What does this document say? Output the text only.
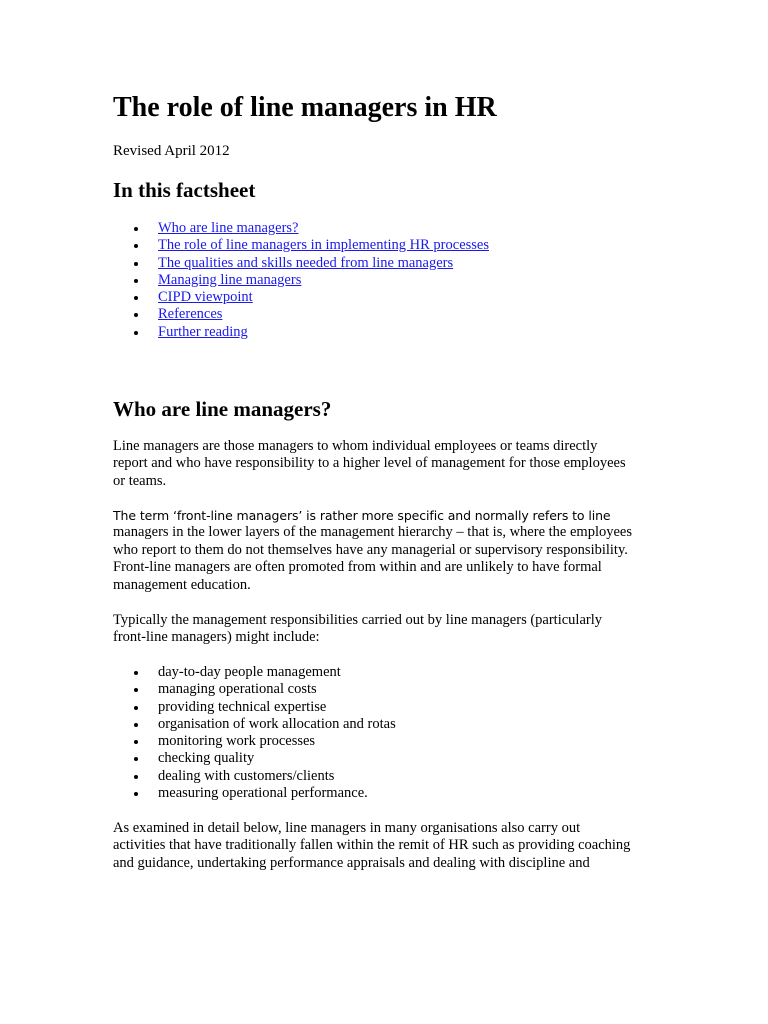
The role of line managers in HR

Revised April 2012

In this factsheet
Who are line managers?
The role of line managers in implementing HR processes
The qualities and skills needed from line managers
Managing line managers
CIPD viewpoint
References
Further reading
Who are line managers?

Line managers are those managers to whom individual employees or teams directly
report and who have responsibility to a higher level of management for those employees
or teams.

The term ‘front-line managers’ is rather more specific and normally refers to line
managers in the lower layers of the management hierarchy – that is, where the employees
who report to them do not themselves have any managerial or supervisory responsibility.
Front-line managers are often promoted from within and are unlikely to have formal
management education.

Typically the management responsibilities carried out by line managers (particularly
front-line managers) might include:

day-to-day people management
managing operational costs
providing technical expertise
organisation of work allocation and rotas
monitoring work processes
checking quality
dealing with customers/clients
measuring operational performance.

As examined in detail below, line managers in many organisations also carry out
activities that have traditionally fallen within the remit of HR such as providing coaching
and guidance, undertaking performance appraisals and dealing with discipline and
